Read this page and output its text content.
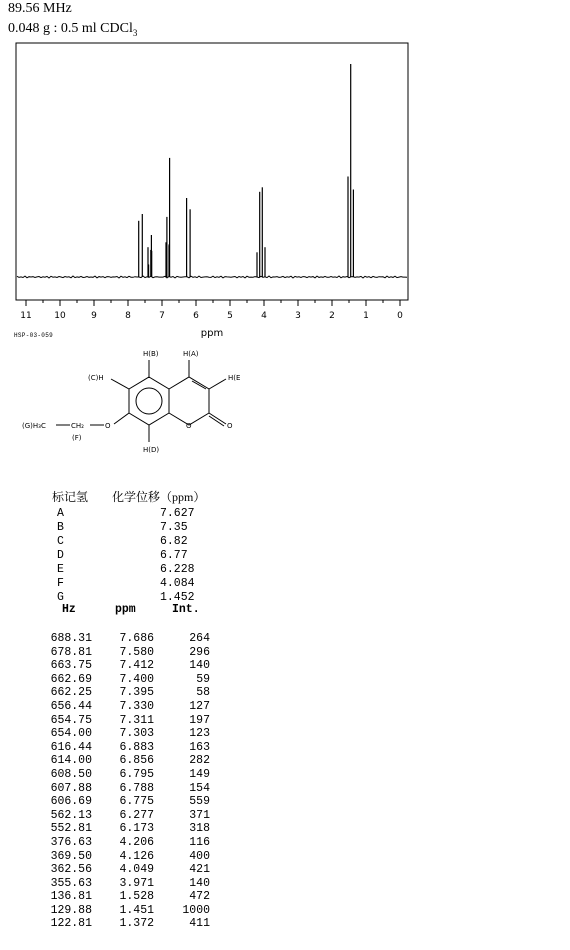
89.56 MHz
0.048 g : 0.5 ml CDCl$_3$
11	10	9	8	7	6	5	4	3	2	1	0
ppm
H(B)	H(A)
H(E
(C)H
H(D)
O	O
O
CH₂
(F)
(G)H₃C
HSP-03-059
标记氢 化学位移（ppm）
A	7.627
B	7.35
C	6.82
D	6.77
E	6.228
F	4.084
G	1.452
Hz	ppm	Int.
688.31	7.686	264
678.81	7.580	296
663.75	7.412	140
662.69	7.400	59
662.25	7.395	58
656.44	7.330	127
654.75	7.311	197
654.00	7.303	123
616.44	6.883	163
614.00	6.856	282
608.50	6.795	149
607.88	6.788	154
606.69	6.775	559
562.13	6.277	371
552.81	6.173	318
376.63	4.206	116
369.50	4.126	400
362.56	4.049	421
355.63	3.971	140
136.81	1.528	472
129.88	1.451	1000
122.81	1.372	411
